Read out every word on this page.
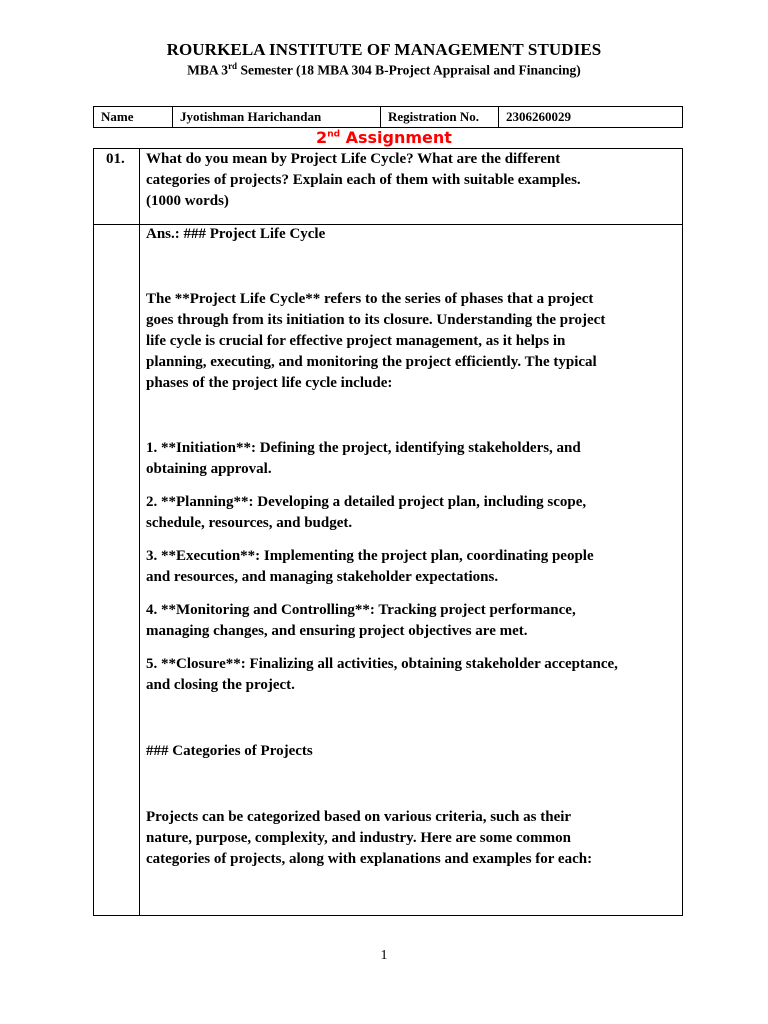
ROURKELA INSTITUTE OF MANAGEMENT STUDIES
MBA 3rd Semester (18 MBA 304 B-Project Appraisal and Financing)
Name	Jyotishman Harichandan	Registration No.	2306260029
2nd Assignment
01. What do you mean by Project Life Cycle? What are the different
categories of projects? Explain each of them with suitable examples.
(1000 words)
Ans.: ### Project Life Cycle
The **Project Life Cycle** refers to the series of phases that a project
goes through from its initiation to its closure. Understanding the project
life cycle is crucial for effective project management, as it helps in
planning, executing, and monitoring the project efficiently. The typical
phases of the project life cycle include:
1. **Initiation**: Defining the project, identifying stakeholders, and
obtaining approval.
2. **Planning**: Developing a detailed project plan, including scope,
schedule, resources, and budget.
3. **Execution**: Implementing the project plan, coordinating people
and resources, and managing stakeholder expectations.
4. **Monitoring and Controlling**: Tracking project performance,
managing changes, and ensuring project objectives are met.
5. **Closure**: Finalizing all activities, obtaining stakeholder acceptance,
and closing the project.
### Categories of Projects
Projects can be categorized based on various criteria, such as their
nature, purpose, complexity, and industry. Here are some common
categories of projects, along with explanations and examples for each:
1
